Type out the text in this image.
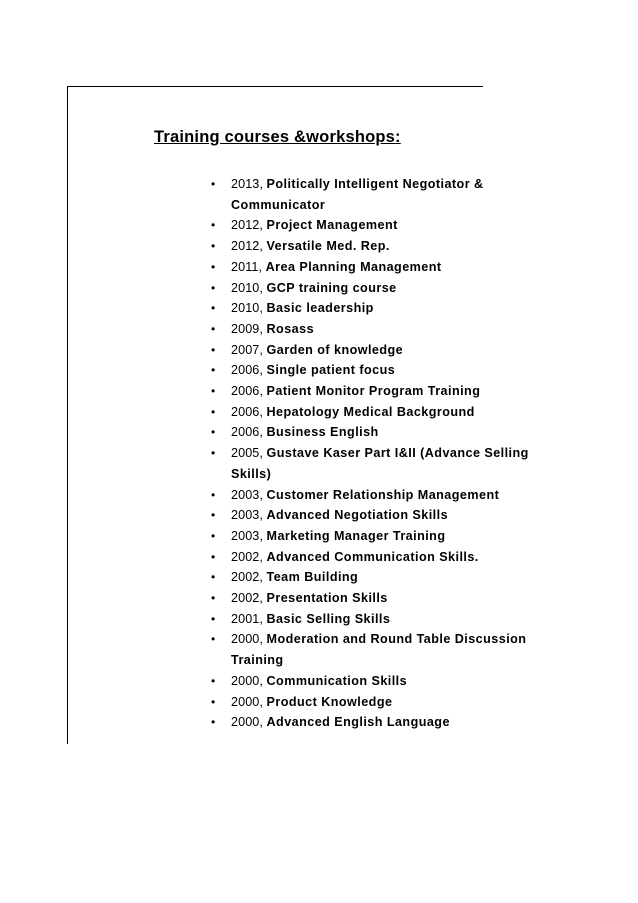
Training courses &workshops:
• 2013, Politically Intelligent Negotiator & Communicator
• 2012, Project Management
• 2012, Versatile Med. Rep.
• 2011, Area Planning Management
• 2010, GCP training course
• 2010, Basic leadership
• 2009, Rosass
• 2007, Garden of knowledge
• 2006, Single patient focus
• 2006, Patient Monitor Program Training
• 2006, Hepatology Medical Background
• 2006, Business English
• 2005, Gustave Kaser Part I&II (Advance Selling Skills)
• 2003, Customer Relationship Management
• 2003, Advanced Negotiation Skills
• 2003, Marketing Manager Training
• 2002, Advanced Communication Skills.
• 2002, Team Building
• 2002, Presentation Skills
• 2001, Basic Selling Skills
• 2000, Moderation and Round Table Discussion Training
• 2000, Communication Skills
• 2000, Product Knowledge
• 2000, Advanced English Language
